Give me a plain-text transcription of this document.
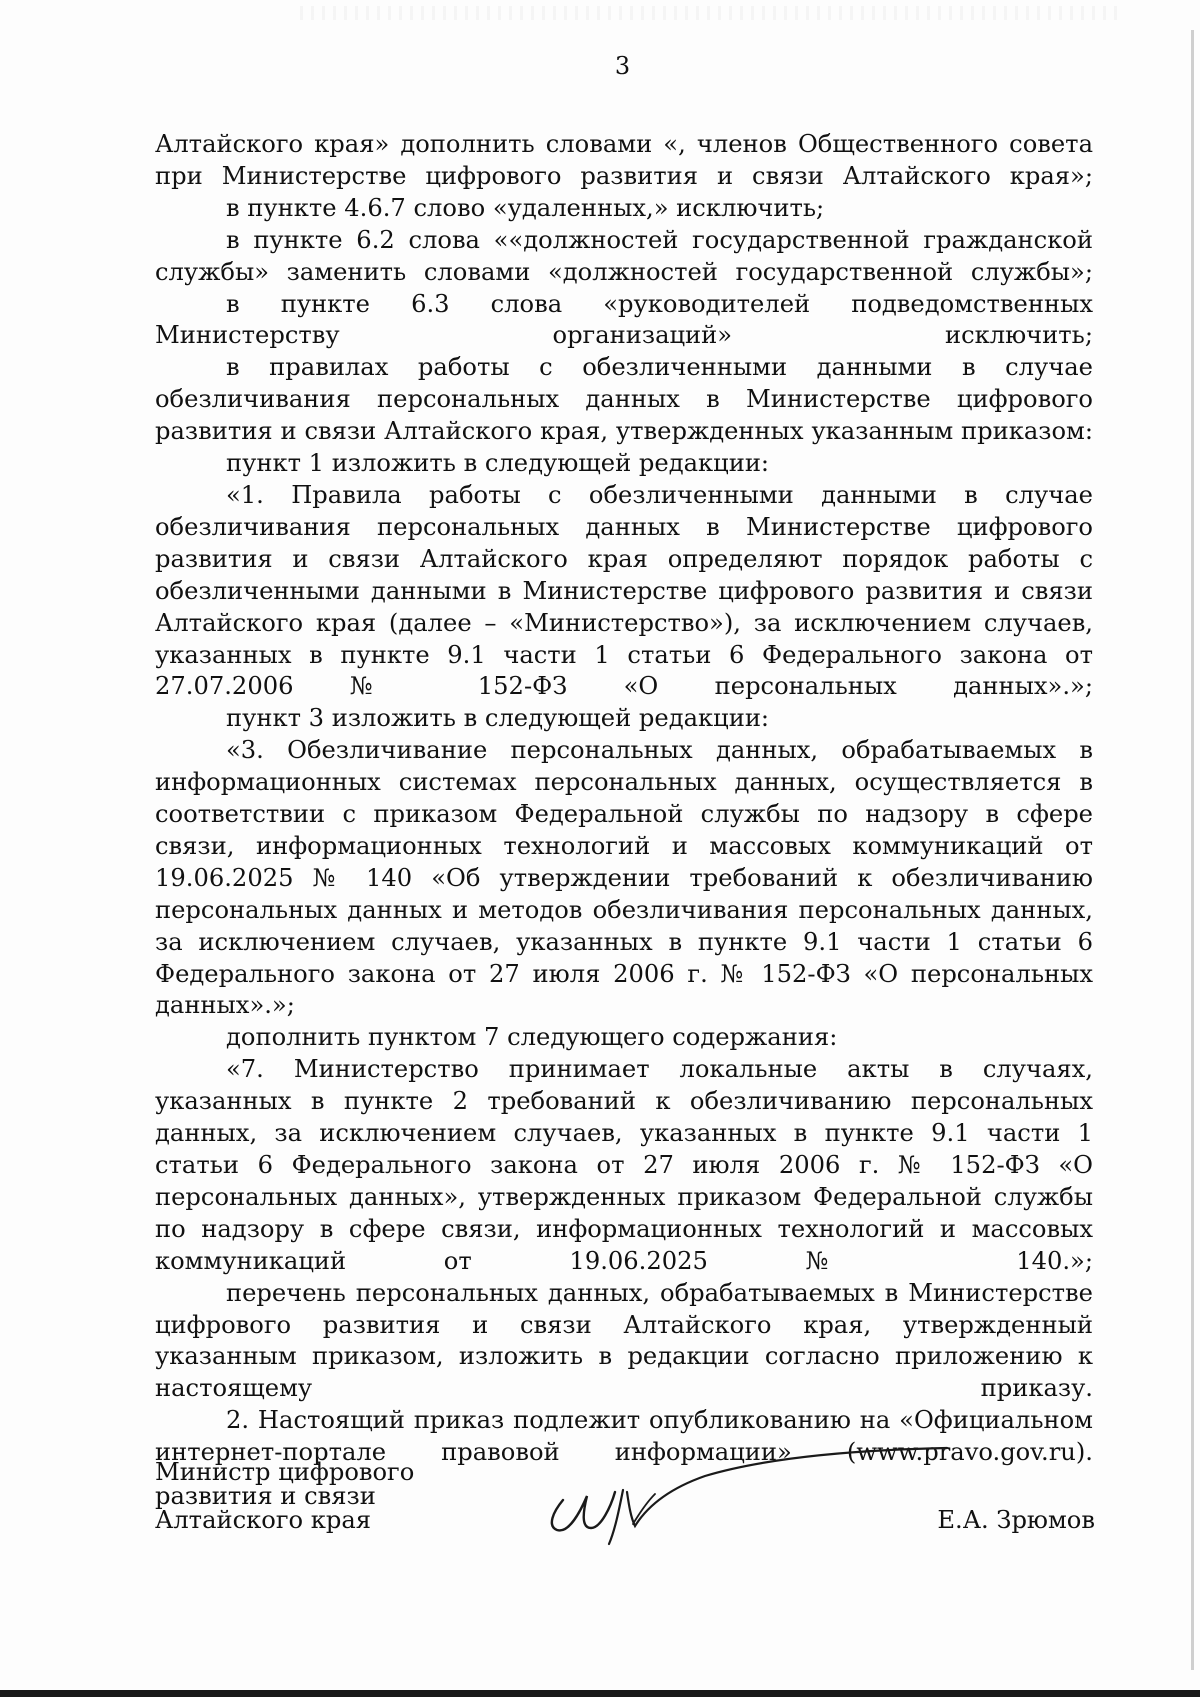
3

Алтайского края» дополнить словами «, членов Общественного совета при Министерстве цифрового развития и связи Алтайского края»;

в пункте 4.6.7 слово «удаленных,» исключить;

в пункте 6.2 слова ««должностей государственной гражданской службы» заменить словами «должностей государственной службы»;

в пункте 6.3 слова «руководителей подведомственных Министерству организаций» исключить;

в правилах работы с обезличенными данными в случае обезличивания персональных данных в Министерстве цифрового развития и связи Алтайского края, утвержденных указанным приказом:

пункт 1 изложить в следующей редакции:

«1. Правила работы с обезличенными данными в случае обезличивания персональных данных в Министерстве цифрового развития и связи Алтайского края определяют порядок работы с обезличенными данными в Министерстве цифрового развития и связи Алтайского края (далее – «Министерство»), за исключением случаев, указанных в пункте 9.1 части 1 статьи 6 Федерального закона от 27.07.2006 № 152-ФЗ «О персональных данных».»;

пункт 3 изложить в следующей редакции:

«3. Обезличивание персональных данных, обрабатываемых в информационных системах персональных данных, осуществляется в соответствии с приказом Федеральной службы по надзору в сфере связи, информационных технологий и массовых коммуникаций от 19.06.2025 № 140 «Об утверждении требований к обезличиванию персональных данных и методов обезличивания персональных данных, за исключением случаев, указанных в пункте 9.1 части 1 статьи 6 Федерального закона от 27 июля 2006 г. № 152-ФЗ «О персональных данных».»;

дополнить пунктом 7 следующего содержания:

«7. Министерство принимает локальные акты в случаях, указанных в пункте 2 требований к обезличиванию персональных данных, за исключением случаев, указанных в пункте 9.1 части 1 статьи 6 Федерального закона от 27 июля 2006 г. № 152-ФЗ «О персональных данных», утвержденных приказом Федеральной службы по надзору в сфере связи, информационных технологий и массовых коммуникаций от 19.06.2025 № 140.»;

перечень персональных данных, обрабатываемых в Министерстве цифрового развития и связи Алтайского края, утвержденный указанным приказом, изложить в редакции согласно приложению к настоящему приказу.

2. Настоящий приказ подлежит опубликованию на «Официальном интернет-портале правовой информации» (www.pravo.gov.ru).

Министр цифрового
развития и связи
Алтайского края	Е.А. Зрюмов
